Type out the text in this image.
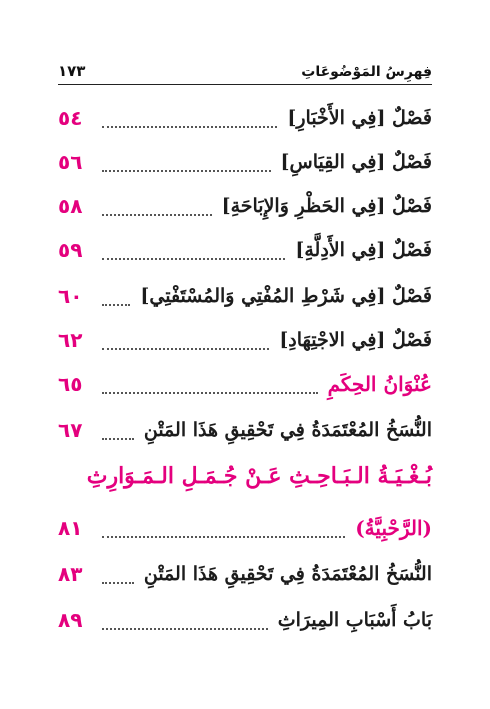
١٧٣	فِهرِسُ المَوْضُوعَاتِ
فَصْلٌ [فِي الأَخْبَارِ]
٥٤
فَصْلٌ [فِي القِيَاسِ]
٥٦
فَصْلٌ [فِي الحَظْرِ وَالإِبَاحَةِ]
٥٨
فَصْلٌ [فِي الأَدِلَّةِ]
٥٩
فَصْلٌ [فِي شَرْطِ المُفْتِي وَالمُسْتَفْتِي]
٦٠
فَصْلٌ [فِي الاجْتِهَادِ]
٦٢
عُنْوَانُ الحِكَمِ
٦٥
النُّسَخُ المُعْتَمَدَةُ فِي تَحْقِيقِ هَذَا المَتْنِ
٦٧
بُـغْـيَـةُ الـبَـاحِـثِ عَـنْ جُـمَـلِ الـمَـوَارِثِ
(الرَّحْبِيَّةُ)
٨١
النُّسَخُ المُعْتَمَدَةُ فِي تَحْقِيقِ هَذَا المَتْنِ
٨٣
بَابُ أَسْبَابِ المِيرَاثِ
٨٩
